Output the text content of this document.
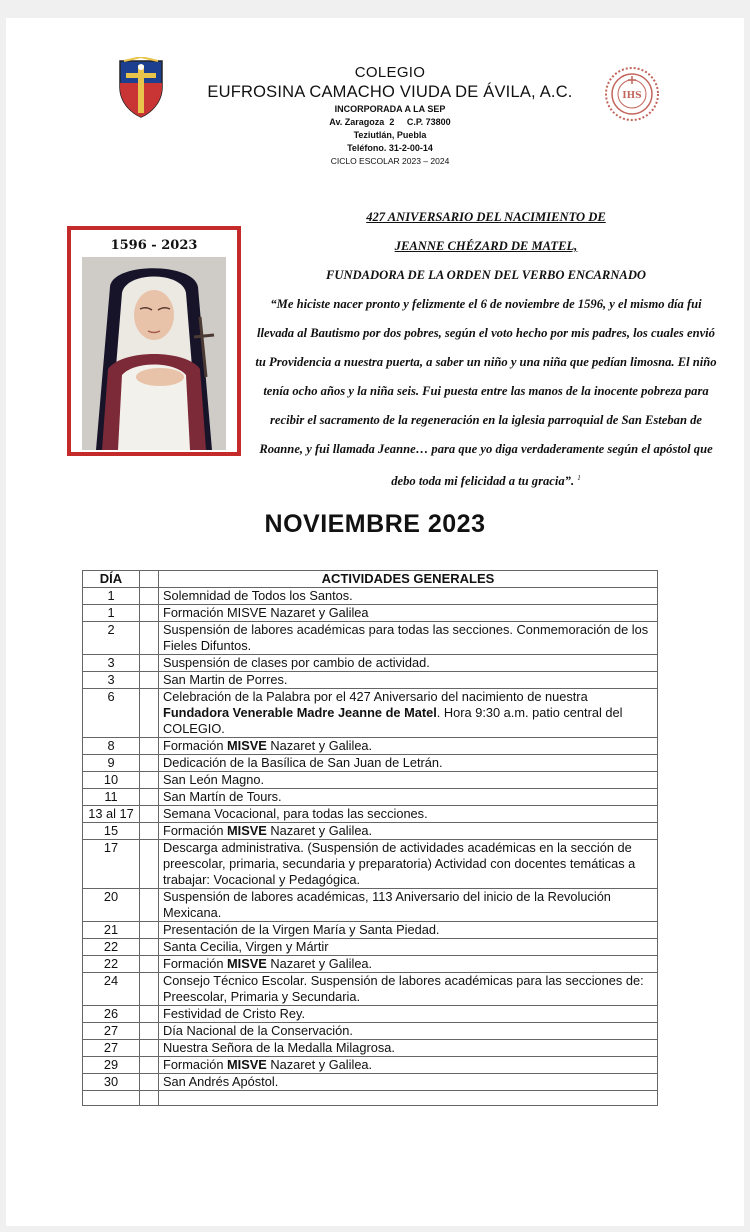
IHS
COLEGIO
EUFROSINA CAMACHO VIUDA DE ÁVILA, A.C.
INCORPORADA A LA SEP
Av. Zaragoza  2     C.P. 73800
Teziutlán, Puebla
Teléfono. 31-2-00-14
CICLO ESCOLAR 2023 – 2024
1596 - 2023
427 ANIVERSARIO DEL NACIMIENTO DE
JEANNE CHÉZARD DE MATEL,
FUNDADORA DE LA ORDEN DEL VERBO ENCARNADO
“Me hiciste nacer pronto y felizmente el 6 de noviembre de 1596, y el mismo día fui llevada al Bautismo por dos pobres, según el voto hecho por mis padres, los cuales envió tu Providencia a nuestra puerta, a saber un niño y una niña que pedían limosna. El niño tenía ocho años y la niña seis. Fui puesta entre las manos de la inocente pobreza para recibir el sacramento de la regeneración en la iglesia parroquial de San Esteban de Roanne, y fui llamada Jeanne… para que yo diga verdaderamente según el apóstol que debo toda mi felicidad a tu gracia”. $^1$
NOVIEMBRE 2023
DÍA		ACTIVIDADES GENERALES
1		Solemnidad de Todos los Santos.
1		Formación MISVE Nazaret y Galilea
2		Suspensión de labores académicas para todas las secciones. Conmemoración de los Fieles Difuntos.
3		Suspensión de clases por cambio de actividad.
3		San Martin de Porres.
6		Celebración de la Palabra por el 427 Aniversario del nacimiento de nuestra Fundadora Venerable Madre Jeanne de Matel. Hora 9:30 a.m. patio central del COLEGIO.
8		Formación MISVE Nazaret y Galilea.
9		Dedicación de la Basílica de San Juan de Letrán.
10		San León Magno.
11		San Martín de Tours.
13 al 17		Semana Vocacional, para todas las secciones.
15		Formación MISVE Nazaret y Galilea.
17		Descarga administrativa. (Suspensión de actividades académicas en la sección de preescolar, primaria, secundaria y preparatoria) Actividad con docentes temáticas a trabajar: Vocacional y Pedagógica.
20		Suspensión de labores académicas, 113 Aniversario del inicio de la Revolución Mexicana.
21		Presentación de la Virgen María y Santa Piedad.
22		Santa Cecilia, Virgen y Mártir
22		Formación MISVE Nazaret y Galilea.
24		Consejo Técnico Escolar. Suspensión de labores académicas para las secciones de: Preescolar, Primaria y Secundaria.
26		Festividad de Cristo Rey.
27		Día Nacional de la Conservación.
27		Nuestra Señora de la Medalla Milagrosa.
29		Formación MISVE Nazaret y Galilea.
30		San Andrés Apóstol.
